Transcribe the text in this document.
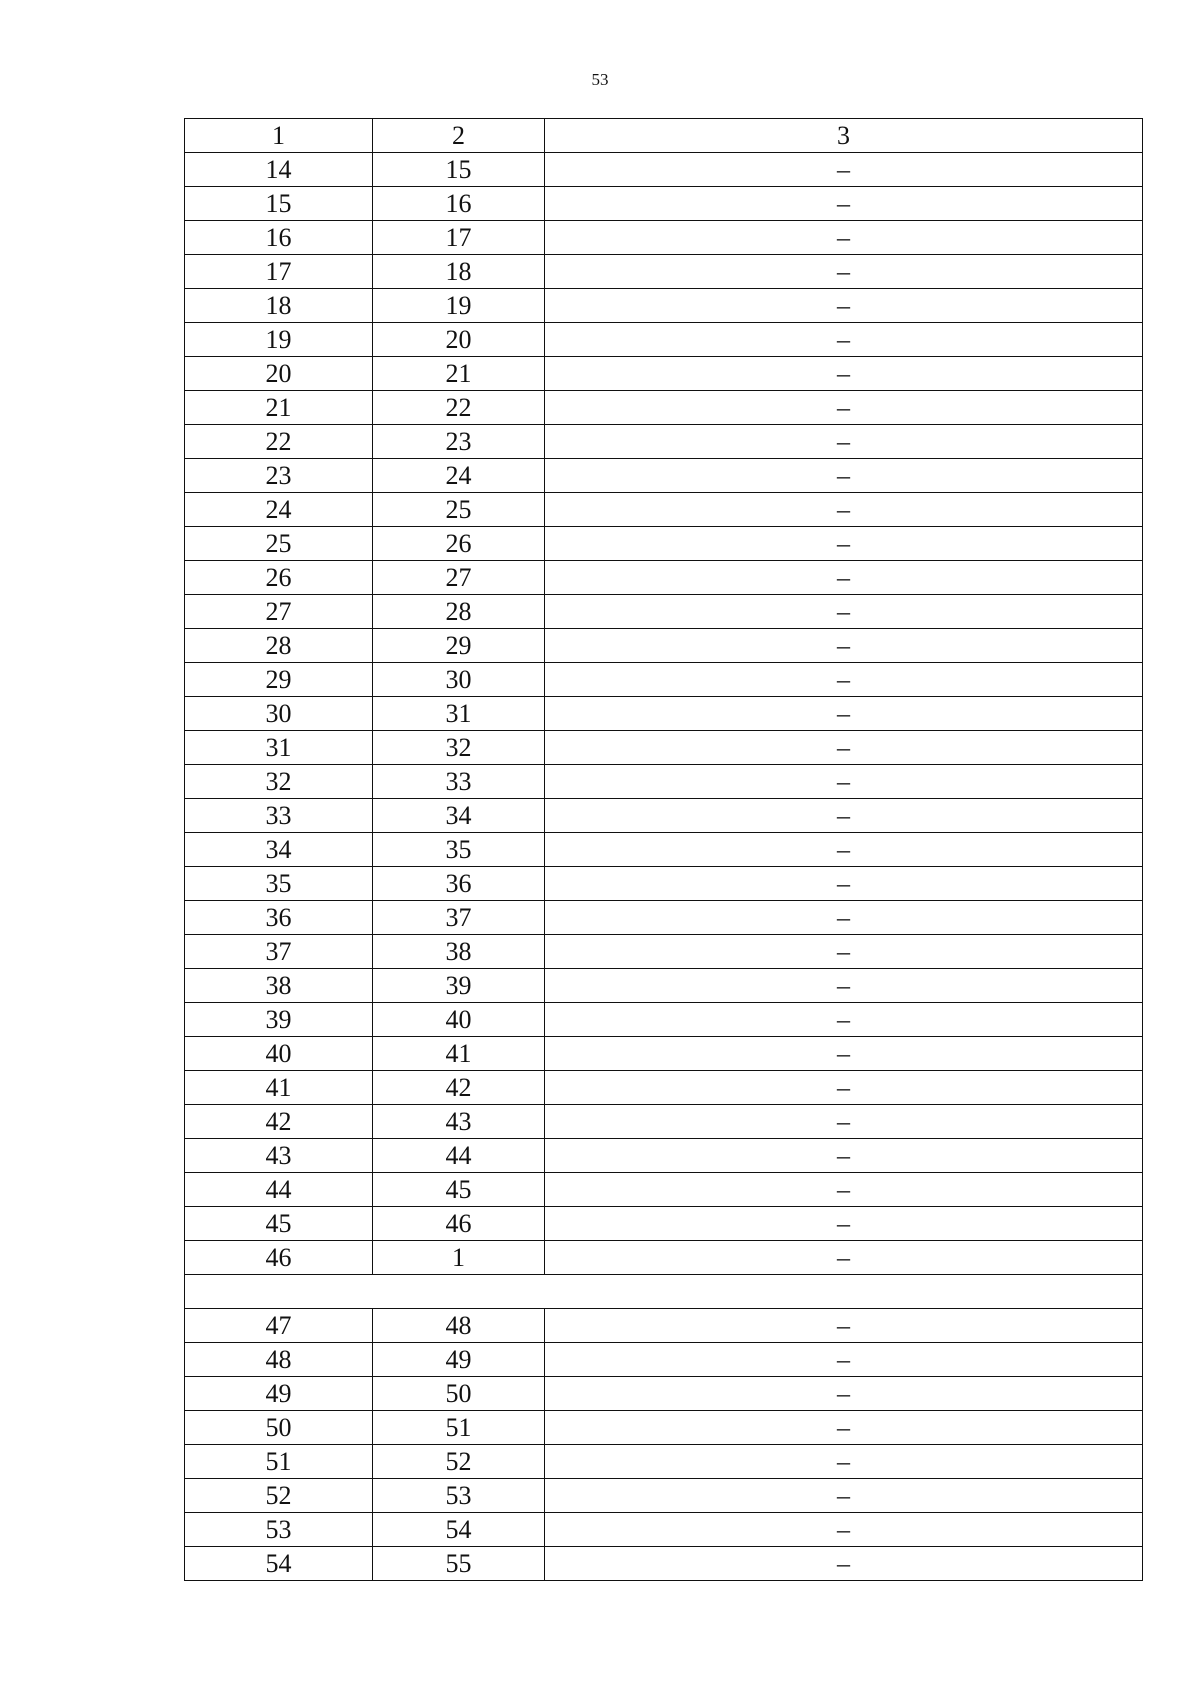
53
1	2	3
14	15	–
15	16	–
16	17	–
17	18	–
18	19	–
19	20	–
20	21	–
21	22	–
22	23	–
23	24	–
24	25	–
25	26	–
26	27	–
27	28	–
28	29	–
29	30	–
30	31	–
31	32	–
32	33	–
33	34	–
34	35	–
35	36	–
36	37	–
37	38	–
38	39	–
39	40	–
40	41	–
41	42	–
42	43	–
43	44	–
44	45	–
45	46	–
46	1	–

47	48	–
48	49	–
49	50	–
50	51	–
51	52	–
52	53	–
53	54	–
54	55	–
